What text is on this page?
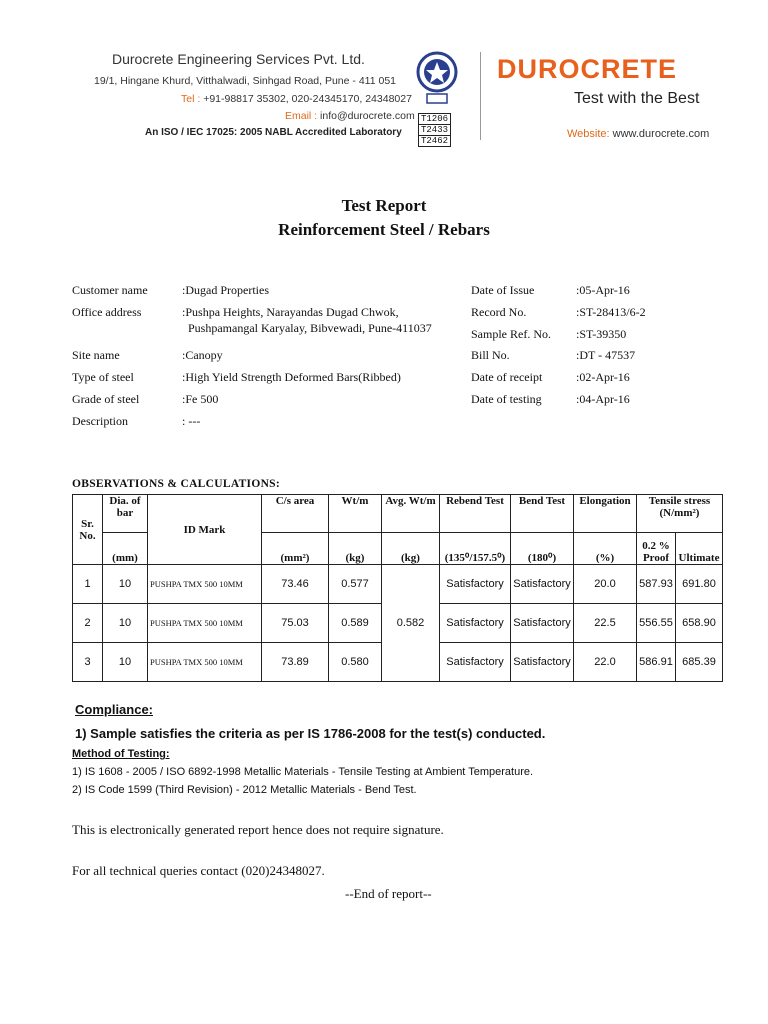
Durocrete Engineering Services Pvt. Ltd.
19/1, Hingane Khurd, Vitthalwadi, Sinhgad Road, Pune - 411 051
Tel : +91-98817 35302, 020-24345170, 24348027
Email : info@durocrete.com
An ISO / IEC 17025: 2005 NABL Accredited Laboratory
T1206
T2433
T2462
DUROCRETE
Test with the Best
Website: www.durocrete.com
Test Report
Reinforcement Steel / Rebars
Customer name	:Dugad Properties
Office address	:Pushpa Heights, Narayandas Dugad Chwok,
Pushpamangal Karyalay, Bibvewadi, Pune-411037
Site name	:Canopy
Type of steel	:High Yield Strength Deformed Bars(Ribbed)
Grade of steel	:Fe 500
Description	: ---
Date of Issue	:05-Apr-16
Record No.	:ST-28413/6-2
Sample Ref. No. :ST-39350
Bill No.	:DT - 47537
Date of receipt	:02-Apr-16
Date of testing	:04-Apr-16
OBSERVATIONS & CALCULATIONS:
Sr. No.	Dia. of bar	ID Mark	C/s area	Wt/m	Avg. Wt/m	Rebend Test	Bend Test	Elongation	Tensile stress
(N/mm²)	
	(mm)		(mm²)	(kg)	(kg)	(135⁰/157.5⁰)	(180⁰)	(%)	0.2 % Proof	Ultimate
1	10	PUSHPA TMX 500 10MM	73.46	0.577	0.582	Satisfactory	Satisfactory	20.0	587.93	691.80
2	10	PUSHPA TMX 500 10MM	75.03	0.589		Satisfactory	Satisfactory	22.5	556.55	658.90
3	10	PUSHPA TMX 500 10MM	73.89	0.580		Satisfactory	Satisfactory	22.0	586.91	685.39
Compliance:
1) Sample satisfies the criteria as per IS 1786-2008 for the test(s) conducted.
Method of Testing:
1) IS 1608 - 2005 / ISO 6892-1998 Metallic Materials - Tensile Testing at Ambient Temperature.
2) IS Code 1599 (Third Revision) - 2012 Metallic Materials - Bend Test.
This is electronically generated report hence does not require signature.
For all technical queries contact (020)24348027.
--End of report--
